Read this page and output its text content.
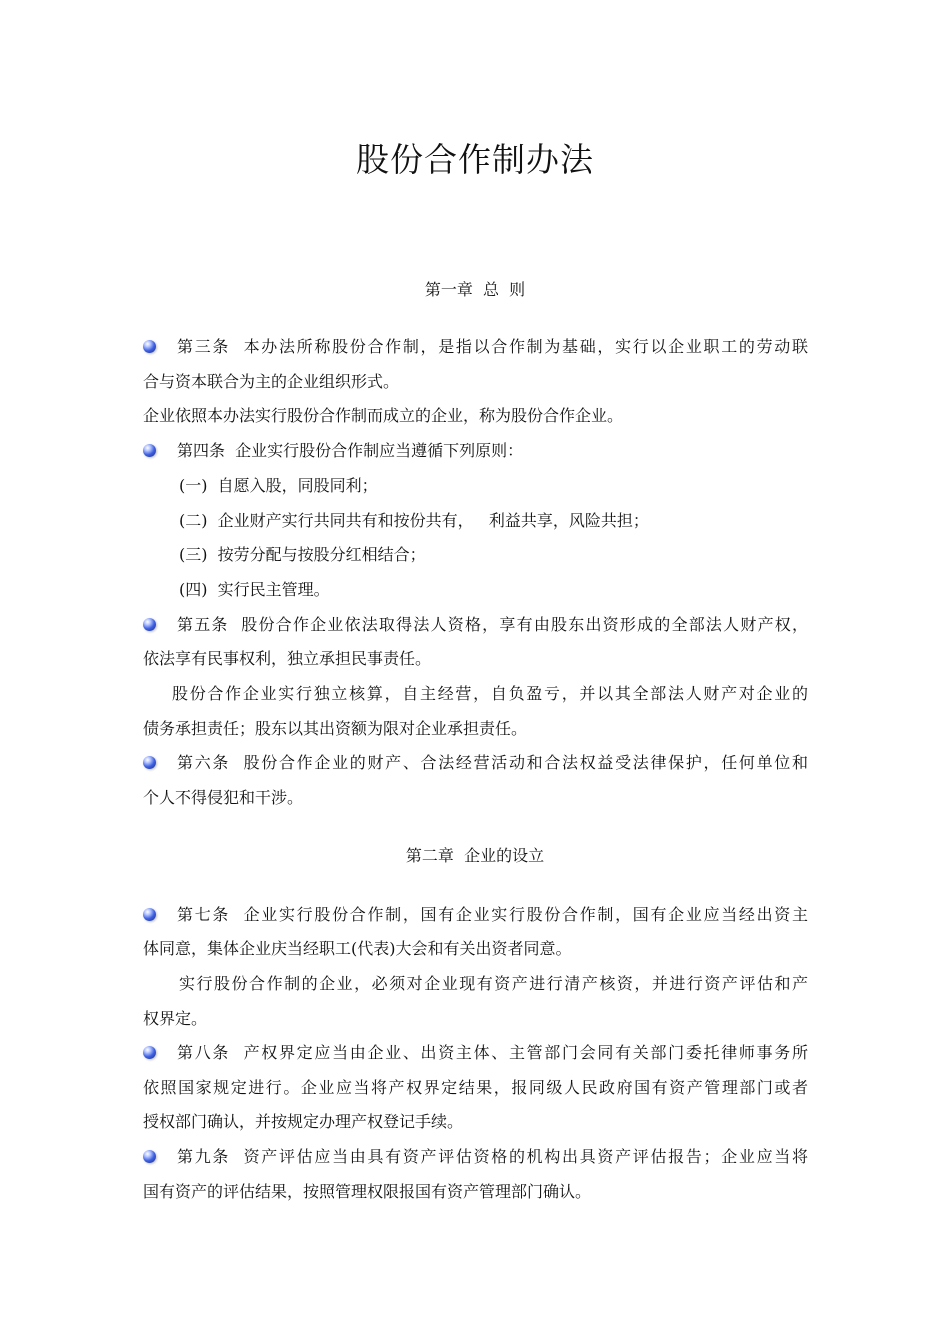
股份合作制办法
第一章  总  则
第三条  本办法所称股份合作制，是指以合作制为基础，实行以企业职工的劳动联
合与资本联合为主的企业组织形式。
企业依照本办法实行股份合作制而成立的企业，称为股份合作企业。
第四条  企业实行股份合作制应当遵循下列原则：
(一)  自愿入股，同股同利；
(二)  企业财产实行共同共有和按份共有，   利益共享，风险共担；
(三)  按劳分配与按股分红相结合；
(四)  实行民主管理。
第五条  股份合作企业依法取得法人资格，享有由股东出资形成的全部法人财产权，
依法享有民事权利，独立承担民事责任。
股份合作企业实行独立核算，自主经营，自负盈亏，并以其全部法人财产对企业的
债务承担责任；股东以其出资额为限对企业承担责任。
第六条  股份合作企业的财产、合法经营活动和合法权益受法律保护，任何单位和
个人不得侵犯和干涉。
第二章  企业的设立
第七条  企业实行股份合作制，国有企业实行股份合作制，国有企业应当经出资主
体同意，集体企业庆当经职工(代表)大会和有关出资者同意。
实行股份合作制的企业，必须对企业现有资产进行清产核资，并进行资产评估和产
权界定。
第八条  产权界定应当由企业、出资主体、主管部门会同有关部门委托律师事务所
依照国家规定进行。企业应当将产权界定结果，报同级人民政府国有资产管理部门或者
授权部门确认，并按规定办理产权登记手续。
第九条  资产评估应当由具有资产评估资格的机构出具资产评估报告；企业应当将
国有资产的评估结果，按照管理权限报国有资产管理部门确认。
